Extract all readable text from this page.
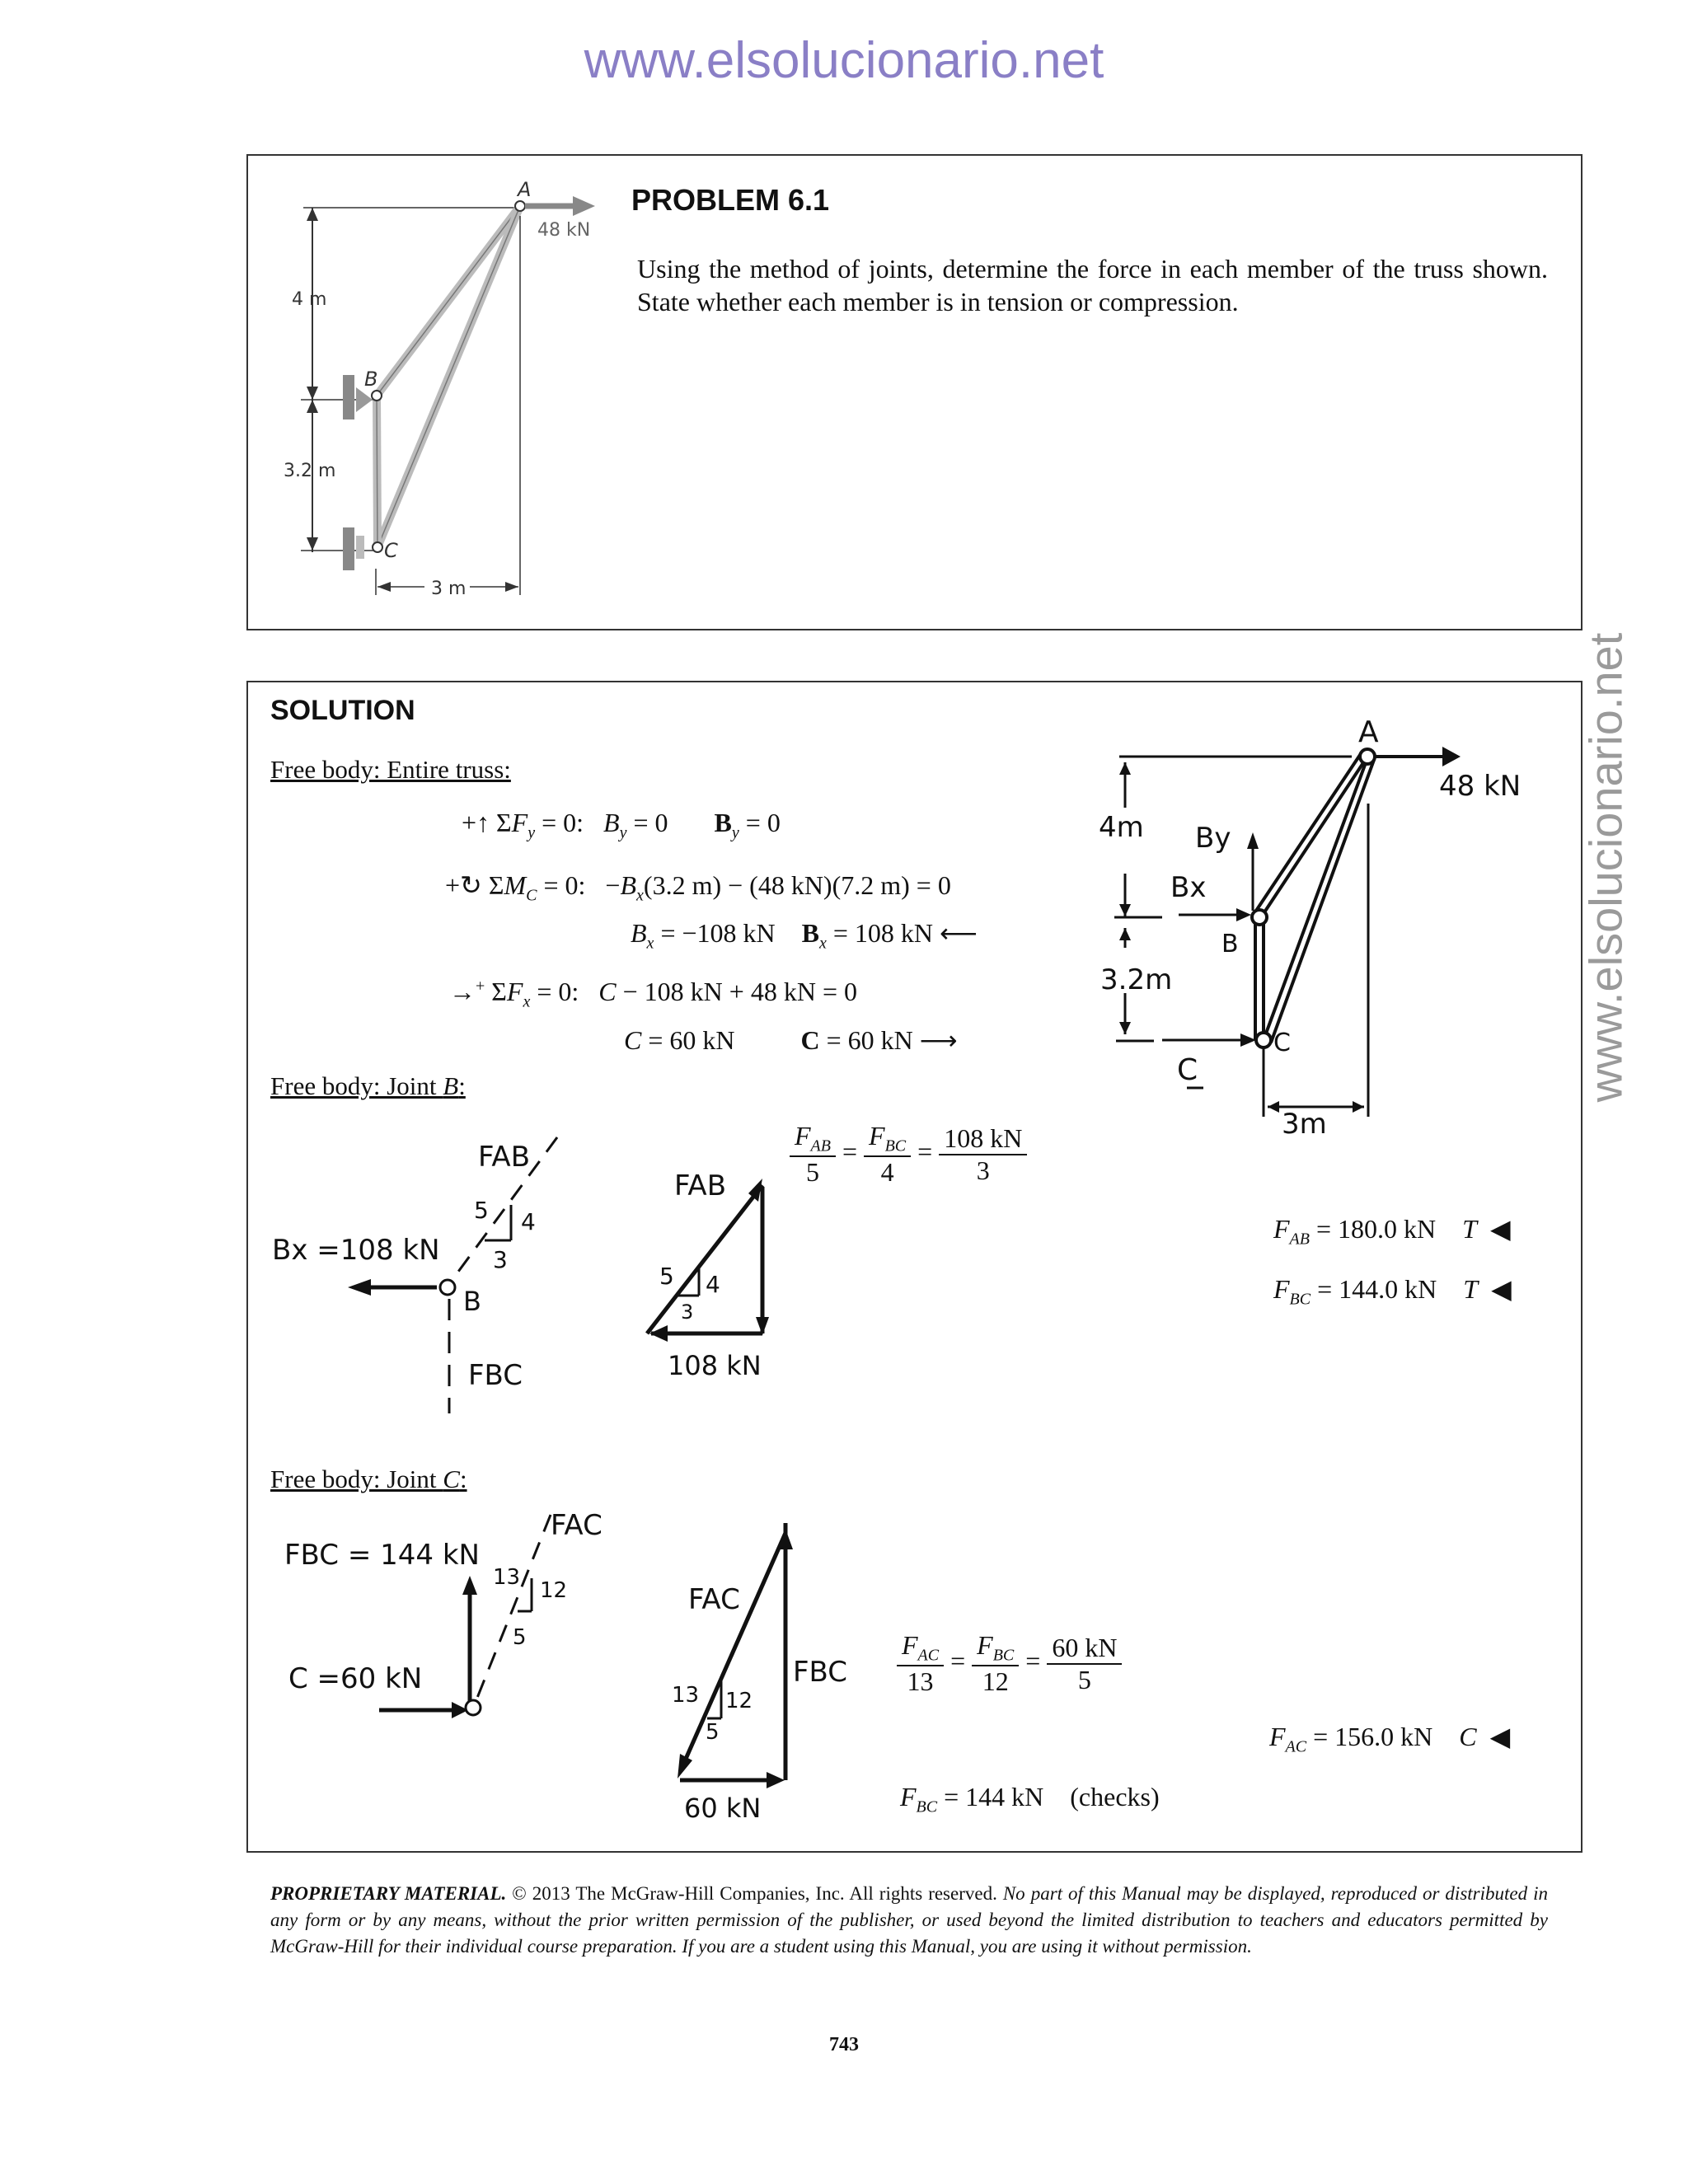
www.elsolucionario.net
www.elsolucionario.net
A
B
C
48 kN
4 m
3.2 m
3 m
PROBLEM 6.1
Using the method of joints, determine the force in each member of the truss shown. State whether each member is in tension or compression.
SOLUTION
Free body: Entire truss:
+↑ $\Sigma F_y = 0$:   $B_y = 0$       $B_y = 0$
+↻ $\Sigma M_C = 0$:   $-B_x(3.2$ m) − (48 kN)(7.2 m) = 0
$B_x = -108$ kN    $B_x = 108$ kN ⟵
→+ $\Sigma F_x = 0$:   C − 108 kN + 48 kN = 0
C = 60 kN          C = 60 kN ⟶
A
48 kN
4m By
Bx
B
3.2m
C
C
3m
Free body: Joint B:
FAB
Bx =108 kN
B
FBC
5 4
3
FAB
5 4
3
108 kN
$\frac{F_{AB}}{5} = \frac{F_{BC}}{4} = \frac{108 kN}{3}$
$F_{AB} = 180.0$ kN    T  ◀
$F_{BC} = 144.0$ kN    T  ◀
Free body: Joint C:
FBC = 144 kN
FAC
C =60 kN
13
12
5
FAC
FBC
13 12
5
60 kN
$\frac{F_{AC}}{13} = \frac{F_{BC}}{12} = \frac{60 kN}{5}$
$F_{AC} = 156.0$ kN    C  ◀
$F_{BC} = 144$ kN    (checks)
PROPRIETARY MATERIAL. © 2013 The McGraw-Hill Companies, Inc. All rights reserved. No part of this Manual may be displayed, reproduced or distributed in any form or by any means, without the prior written permission of the publisher, or used beyond the limited distribution to teachers and educators permitted by McGraw-Hill for their individual course preparation. If you are a student using this Manual, you are using it without permission.
743
